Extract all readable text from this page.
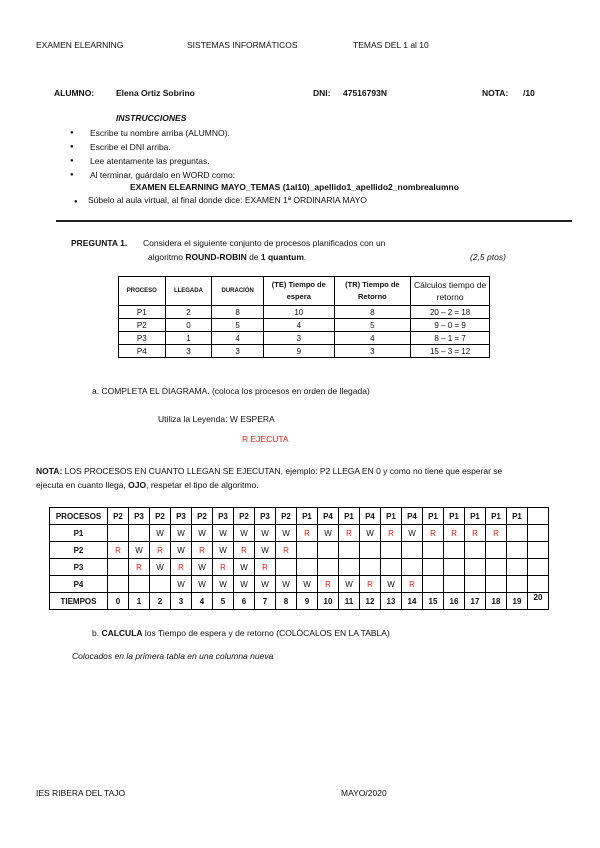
EXAMEN ELEARNING	SISTEMAS INFORMÁTICOS	TEMAS DEL 1 al 10
ALUMNO:	Elena Ortiz Sobrino	DNI: 47516793N	NOTA: /10
INSTRUCCIONES
● Escribe tu nombre arriba (ALUMNO).
● Escribe el DNI arriba.
● Lee atentamente las preguntas.
● Al terminar, guárdalo en WORD como:
EXAMEN ELEARNING MAYO_TEMAS (1al10)_apellido1_apellido2_nombrealumno
● Súbelo al aula virtual, al final donde dice: EXAMEN 1ª ORDINARIA MAYO
PREGUNTA 1. Considera el siguiente conjunto de procesos planificados con un
algoritmo ROUND-ROBIN de 1 quantum.	(2,5 ptos)
PROCESO	LLEGADA	DURACIÓN	(TE) Tiempo de espera	(TR) Tiempo de Retorno	Cálculos tiempo de retorno
P1	2	8	10	8	20 – 2 = 18
P2	0	5	4	5	9 – 0 = 9
P3	1	4	3	4	8 – 1 = 7
P4	3	3	9	3	15 – 3 = 12
a. COMPLETA EL DIAGRAMA. (coloca los procesos en orden de llegada)
Utiliza la Leyenda: W ESPERA
R EJECUTA
NOTA: LOS PROCESOS EN CUANTO LLEGAN SE EJECUTAN, ejemplo: P2 LLEGA EN 0 y como no tiene que esperar se
ejecuta en cuanto llega, OJO, respetar el tipo de algoritmo.
PROCESOS	P2	P3	P2	P3	P2	P3	P2	P3	P2	P1	P4	P1	P4	P1	P4	P1	P1	P1	P1	P1	
P1			W	W	W	W	W	W	W	R	W	R	W	R	W	R	R	R	R		
P2	R	W	R	W	R	W	R	W	R												
P3		R	W	R	W	R	W	R													
P4				W	W	W	W	W	W	W	R	W	R	W	R						
TIEMPOS	0	1	2	3	4	5	6	7	8	9	10	11	12	13	14	15	16	17	18	19	20
b. CALCULA los Tiempo de espera y de retorno (COLÓCALOS EN LA TABLA)
Colocados en la primera tabla en una columna nueva
IES RIBERA DEL TAJO	MAYO/2020
